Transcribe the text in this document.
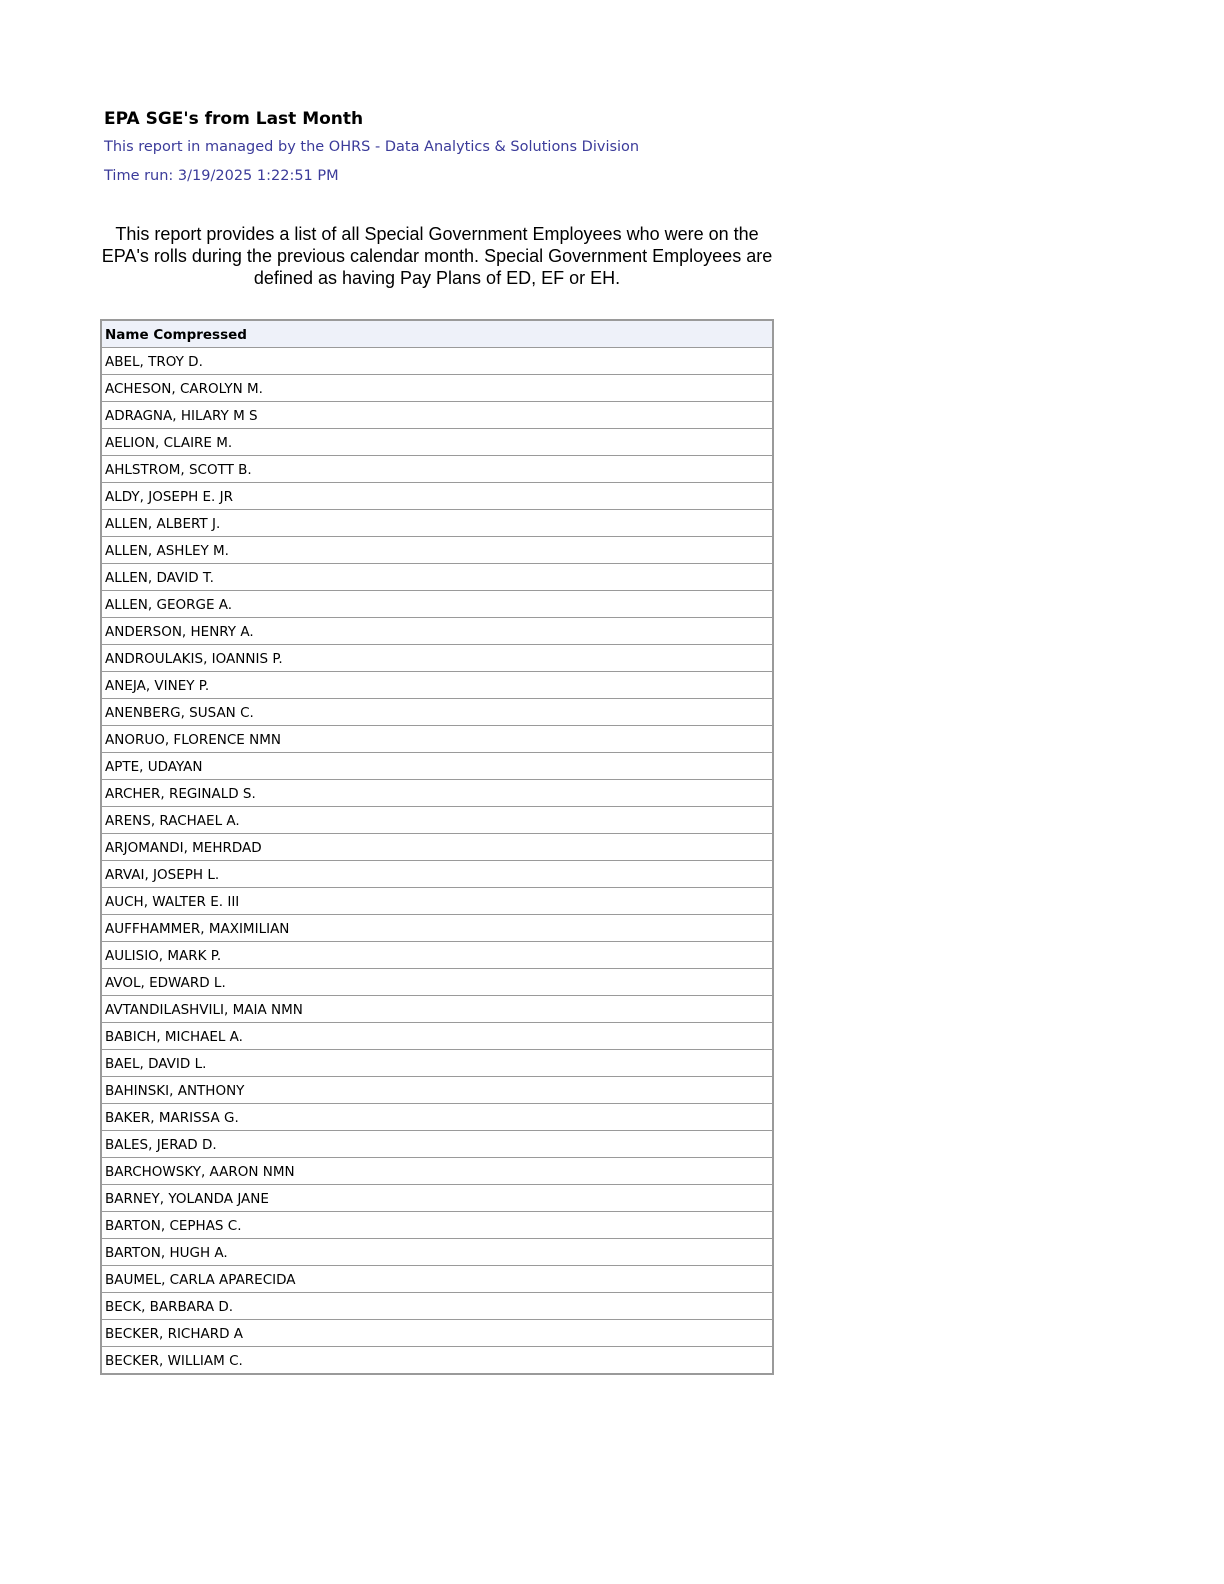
EPA SGE's from Last Month
This report in managed by the OHRS - Data Analytics & Solutions Division
Time run: 3/19/2025 1:22:51 PM
This report provides a list of all Special Government Employees who were on the EPA's rolls during the previous calendar month. Special Government Employees are defined as having Pay Plans of ED, EF or EH.
Name Compressed
ABEL, TROY D.
ACHESON, CAROLYN M.
ADRAGNA, HILARY M S
AELION, CLAIRE M.
AHLSTROM, SCOTT B.
ALDY, JOSEPH E. JR
ALLEN, ALBERT J.
ALLEN, ASHLEY M.
ALLEN, DAVID T.
ALLEN, GEORGE A.
ANDERSON, HENRY A.
ANDROULAKIS, IOANNIS P.
ANEJA, VINEY P.
ANENBERG, SUSAN C.
ANORUO, FLORENCE NMN
APTE, UDAYAN
ARCHER, REGINALD S.
ARENS, RACHAEL A.
ARJOMANDI, MEHRDAD
ARVAI, JOSEPH L.
AUCH, WALTER E. III
AUFFHAMMER, MAXIMILIAN
AULISIO, MARK P.
AVOL, EDWARD L.
AVTANDILASHVILI, MAIA NMN
BABICH, MICHAEL A.
BAEL, DAVID L.
BAHINSKI, ANTHONY
BAKER, MARISSA G.
BALES, JERAD D.
BARCHOWSKY, AARON NMN
BARNEY, YOLANDA JANE
BARTON, CEPHAS C.
BARTON, HUGH A.
BAUMEL, CARLA APARECIDA
BECK, BARBARA D.
BECKER, RICHARD A
BECKER, WILLIAM C.
